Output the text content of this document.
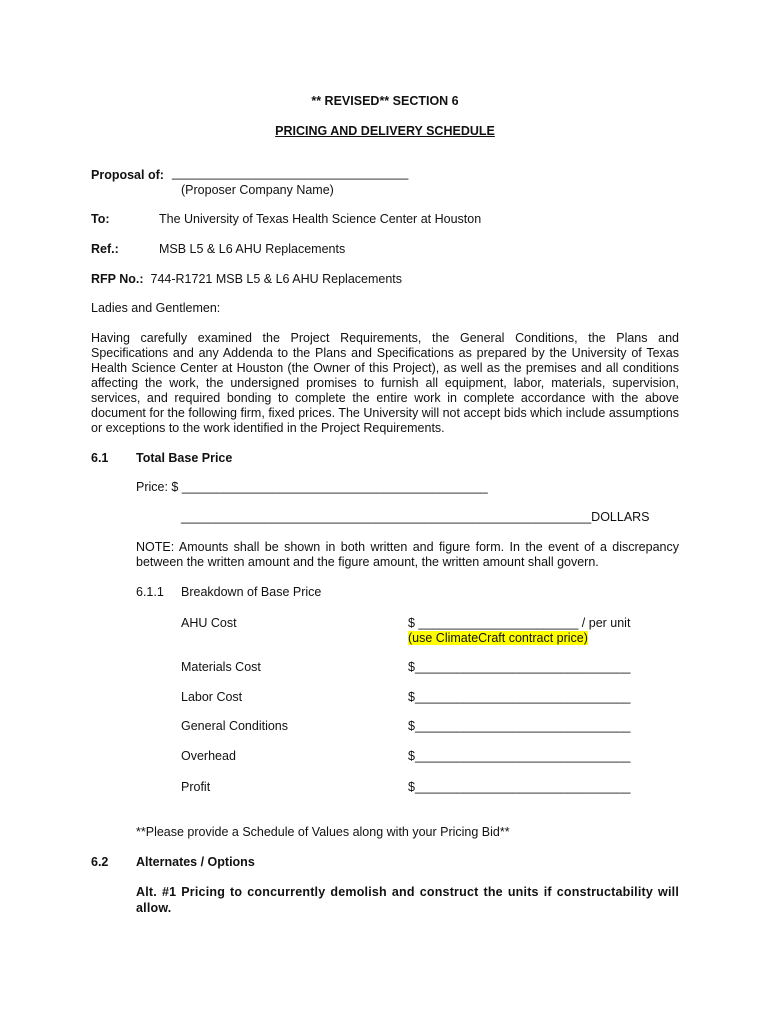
** REVISED** SECTION 6
PRICING AND DELIVERY SCHEDULE
Proposal of: __________________________________
(Proposer Company Name)
To:	The University of Texas Health Science Center at Houston
Ref.:	MSB L5 & L6 AHU Replacements
RFP No.: 744-R1721 MSB L5 & L6 AHU Replacements
Ladies and Gentlemen:
Having carefully examined the Project Requirements, the General Conditions, the Plans and Specifications and any Addenda to the Plans and Specifications as prepared by the University of Texas Health Science Center at Houston (the Owner of this Project), as well as the premises and all conditions affecting the work, the undersigned promises to furnish all equipment, labor, materials, supervision, services, and required bonding to complete the entire work in complete accordance with the above document for the following firm, fixed prices. The University will not accept bids which include assumptions or exceptions to the work identified in the Project Requirements.
6.1 Total Base Price
Price: $ ____________________________________________
___________________________________________________________DOLLARS
NOTE: Amounts shall be shown in both written and figure form. In the event of a discrepancy between the written amount and the figure amount, the written amount shall govern.
6.1.1 Breakdown of Base Price
AHU Cost	$ _______________________ / per unit
(use ClimateCraft contract price)
Materials Cost	$_______________________________
Labor Cost	$_______________________________
General Conditions	$_______________________________
Overhead	$_______________________________
Profit	$_______________________________
**Please provide a Schedule of Values along with your Pricing Bid**
6.2 Alternates / Options
Alt. #1 Pricing to concurrently demolish and construct the units if constructability will allow.
